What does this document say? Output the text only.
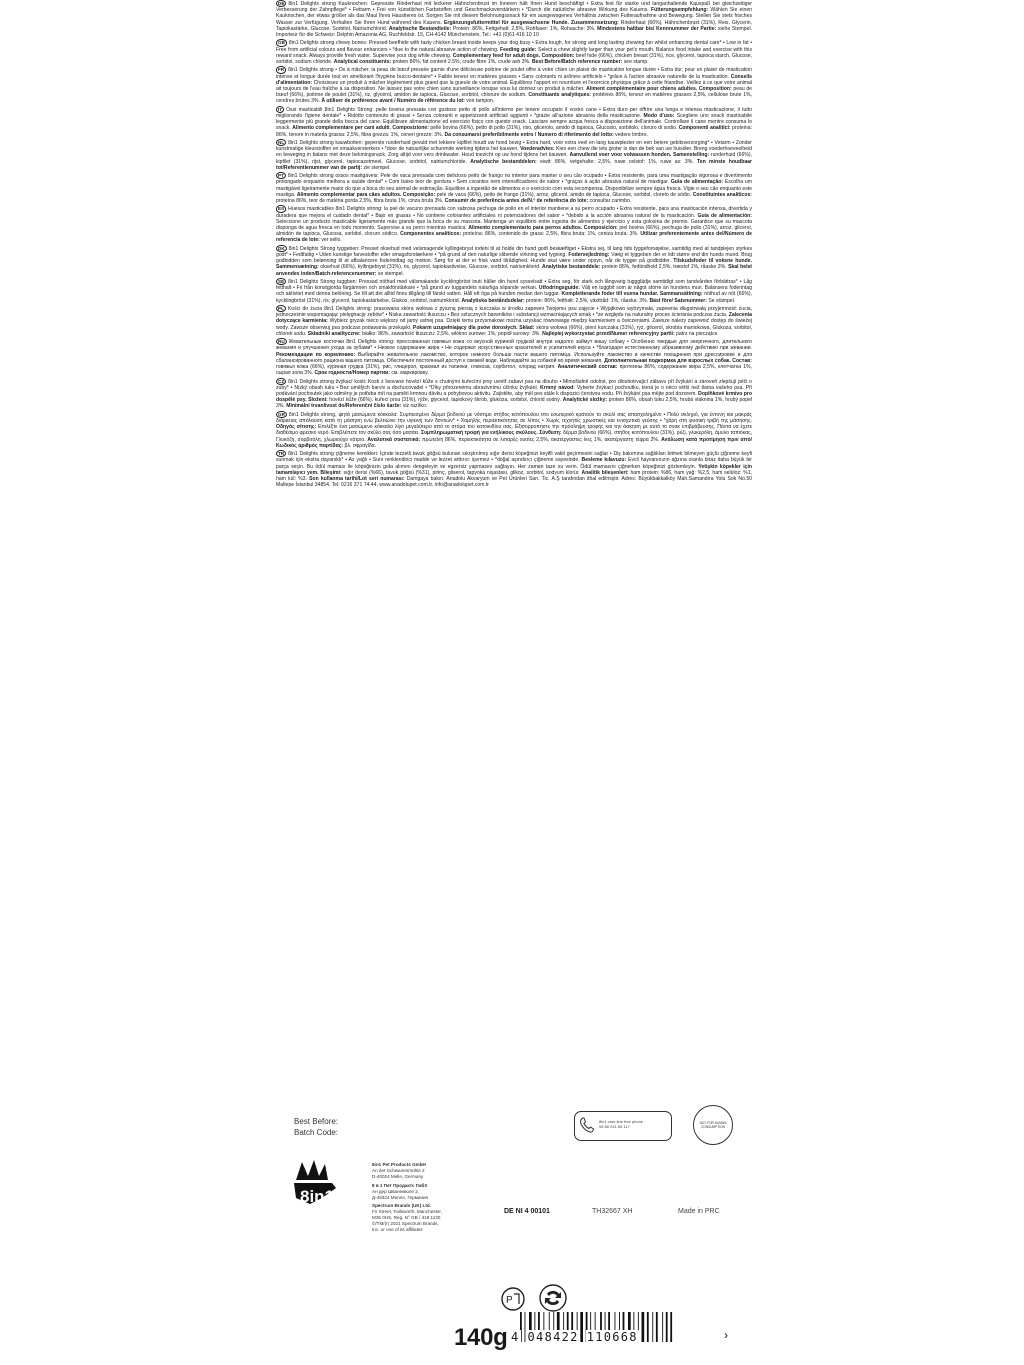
DE 8in1 Delights strong Kauknochen: Gepresste Rinderhaut mit leckerer Hähnchenbrust im Inneren hält Ihren Hund beschäftigt • Extra fest für starke und langanhaltende Kauspaß bei gleichzeitiger Verbesserung der Zahnpflege* • Fettarm • Frei von künstlichen Farbstoffen und Geschmacksverstärkern • *Durch die natürliche abrasive Wirkung des Kauens. Fütterungsempfehlung: Wählen Sie einen Kauknochen, der etwas größer als das Maul Ihres Haustieres ist. Sorgen Sie mit diesem Belohnungssnack für ein ausgewogenes Verhältnis zwischen Futteraufnahme und Bewegung. Stellen Sie stets frisches Wasser zur Verfügung. Verhalten Sie Ihren Hund während des Kauens. Ergänzungsfuttermittel für ausgewachsene Hunde. Zusammensetzung: Rinderhaut (66%), Hähnchenbrust (31%), Reis, Glycerin, Tapiokastärke, Glucose, Sorbitol, Natriumchlorid. Analytische Bestandteile: Protein: 86%, Fettgehalt: 2,5%, Rohfaser: 1%, Rohasche: 3%. Mindestens haltbar bis/ Kennnummer der Partie: siehe Stempel. Importeur für die Schweiz: Delphin Amazonia AG, Ruchfeldstr. 15, CH-4142 Münchenstein, Tel.: +41 (0)61 416 10 10

GB 8in1 Delights strong chewy bones: Pressed beefhide with tasty chicken breast inside keeps your dog busy • Extra tough, for strong and long lasting chewing fun whilst enhancing dental care* • Low in fat • Free from artificial colours and flavour enhancers • *due to the natural abrasive action of chewing. Feeding guide: Select a chew slightly larger than your pet's mouth. Balance food intake and exercise with this reward snack. Always provide fresh water. Supervise your dog while chewing. Complementary feed for adult dogs. Composition: beef hide (66%), chicken breast (31%), rice, glycerol, tapioca starch, Glucose, sorbitol, sodium chloride. Analytical constituents: protein 86%, fat content 2.5%, crude fibre 1%, crude ash 3%. Best Before/Batch reference number: see stamp.

FR 8in1 Delights strong • Os à mâcher: la peau de bœuf pressée garnie d'une délicieuse poitrine de poulet offre à votre chien un plaisir de mastication longue durée • Extra dur, pour un plaisir de mastication intense et longue durée tout en améliorant l'hygiène bucco-dentaire* • Faible teneur en matières grasses • Sans colorants ni arômes artificiels • *grâce à l'action abrasive naturelle de la mastication. Conseils d'alimentation: Choisissez un produit à mâcher légèrement plus grand que la gueule de votre animal. Équilibrez l'apport en nourriture et l'exercice physique grâce à cette friandise. Veillez à ce que votre animal ait toujours de l'eau fraîche à sa disposition. Ne laissez pas votre chien sans surveillance lorsque vous lui donnez un produit à mâcher. Aliment complémentaire pour chiens adultes. Composition: peau de bœuf (66%), poitrine de poulet (31%), riz, glycérol, amidon de tapioca, Glucose, sorbitol, chlorure de sodium. Constituants analytiques: protéines 86%, teneur en matières grasses 2,5%, cellulose brute 1%, cendres brutes 3%. À utiliser de préférence avant / Numéro de référence du lot: voir tampon.

IT Ossi masticabili 8in1 Delights Strong: pelle bovina pressata con gustoso petto di pollo all'interno per tenere occupato il vostro cane • Extra duro per offrire una lunga e intensa masticazione, il tutto migliorando l'igiene dentale* • Ridotto contenuto di grassi • Senza coloranti e appetizzanti artificiali aggiunti • *grazie all'azione abrasiva della masticazione. Modo d'uso: Scegliere uno snack masticabile leggermente più grande della bocca del cane. Equilibrare alimentazione ed esercizio fisico con questo snack. Lasciare sempre acqua fresca a disposizione dell'animale. Controllare il cane mentre consuma lo snack. Alimento complementare per cani adulti. Composizione: pelle bovina (66%), petto di pollo (31%), riso, glicerolo, amido di tapioca, Glucosio, sorbitolo, cloruro di sodio. Componenti analitici: proteina: 86%, tenore in materia grassa: 2,5%, fibra grezza: 1%, ceneri grezze: 3%. Da consumarsi preferibilmente entro / Numero di riferimento del lotto: vedere timbro.

NL 8in1 Delights strong kauwbotten: geperste runderhuid gevuld met lekkere kipfilet houdt uw hond bezig • Extra hard, voor extra veel en lang kauwplezier en een betere gebitsverzorging* • Vetarm • Zonder kunstmatige kleurstoffen en smaakversterkers • *door de natuurlijke schurende werking tijdens het kauwen. Voederadvies: Kies een chew die iets groter is dan de bek van uw huisdier. Breng voederhoeveelheid en beweging in balans met deze beloningsnack. Zorg altijd voor vers drinkwater. Houd toezicht op uw hond tijdens het kauwen. Aanvullend voer voor volwassen honden. Samenstelling: runderhuid (66%), kipfilet (31%), rijst, glycerol, tapiocazetmeel, Glucose, sorbitol, natriumchloride. Analytische bestanddelen: eiwit: 86%, vetgehalte: 2,5%, ruwe celstof: 1%, ruwe as: 3%. Ten minste houdbaar tot/Referentienummer van de partij: zie stempel.

PT 8in1 Delights strong ossos mastigáveis: Pele de vaca prensada com delicioso peito de frango no interior para manter o seu cão ocupado • Extra resistente, para uma mastigação vigorosa e divertimento prolongado enquanto melhora a saúde dental* • Com baixo teor de gordura • Sem corantes nem intensificadores de sabor • *graças à ação abrasiva natural de mastigar. Guia de alimentação: Escolha um mastigável ligeiramente maior do que a boca do seu animal de estimação. Equilibre a ingestão de alimentos e o exercício com esta recompensa. Disponibilize sempre água fresca. Vigie o seu cão enquanto este mastiga. Alimento complementar para cães adultos. Composição: pele de vaca (66%), peito de frango (31%), arroz, glicerol, amido de tapioca, Glucose, sorbitol, cloreto de sódio. Constituintes analíticos: proteína 86%, teor de matéria gorda 2,5%, fibra bruta 1%, cinza bruta 3%. Consumir de preferência antes de/N.º de referência do lote: consultar carimbo.

ES Huesos masticables 8in1 Delights strong: la piel de vacuno prensada con sabrosa pechuga de pollo en el interior mantiene a su perro ocupado • Extra resistente, para una masticación intensa, divertida y duradera que mejora el cuidado dental* • Bajo en grasas • No contiene colorantes artificiales ni potenciadores del sabor • *debido a la acción abrasiva natural de la masticación. Guía de alimentación: Seleccione un producto masticable ligeramente más grande que la boca de su mascota. Mantenga un equilibrio entre ingesta de alimentos y ejercicio y esta golosina de premio. Garantice que su mascota disponga de agua fresca en todo momento. Supervise a su perro mientras mastica. Alimento complementario para perros adultos. Composición: piel bovina (66%), pechuga de pollo (31%), arroz, glicerol, almidón de tapioca, Glucosa, sorbitol, cloruro sódico. Componentes analíticos: proteína: 86%, contenido de grasa: 2,5%, fibra bruta: 1%, ceniza bruta: 3%. Utilizar preferentemente antes del/Número de referencia de lote: ver sello.

DK 8in1 Delights Strong tyggeben: Presset oksehud med velsmagende kyllingebryst indeni til at holde din hund godt beskæftiget • Ekstra sej, til lang tids tyggefornøjelse, samtidig med at tandplejen styrkes godt* • Fedtfattig • Uden kunstige farvestoffer eller smagsforstærkere • *på grund af den naturlige slibende virkning ved tygning. Fodervejledning: Vælg et tyggeben der er lidt større end din hunds mund. Brug godbidden som belønning til at afbalancere foderindtag og motion. Sørg for at der er frisk vand tilrådighed. Hunde skal være under opsyn, når de tygger på godbidder. Tilskudsfoder til voksne hunde. Sammensætning: oksehud (66%), kyllingebryst (31%), ris, glycerol, tapiokastivelse, Glucose, sorbitol, natriumklorid. Analytiske bestanddele: protein 86%, fedtindhold 2,5%, træstof 1%, råaske 3%. Skal helst anvendes inden/Batch-referencenummer: se stempel.

SE 8in1 Delights Strong tuggben: Pressad nöthud med välsmakande kycklingbröst inuti håller din hund sysselsatt • Extra seg, för stark och långvarig tuggglädje samtidigt som tandvården förbättras* • Låg fetthalt • Fri från konstgjorda färgämnen och smakförstärkare • *på grund av tuggandets naturliga slipande verkan. Utfodringsguide: Välj en tuggbit som är något större än hundens mun. Balansera foderintag och aktivitet med denna belöning. Se till att det alltid finns tillgång till färskt vatten. Håll ett öga på hunden medan den tuggar. Kompletterande foder till vuxna hundar. Sammansättning: nöthud av nöt (66%), kycklingbröst (31%), ris, glycerol, tapiokastärkelse, Glukos, sorbitol, natriumklorid. Analytiska beståndsdelar: protein: 86%, fetthalt: 2,5%, växttråd: 1%, råaska: 3%. Bäst före/ Satsnummer: Se stämpel.

PL Kości do żucia 8in1 Delights strong: prasowana skóra wołowa z pyszną piersią z kurczaka w środku zapewni Twojemu psu zajęcie • Wyjątkowo wytrzymała, zapewnia długotrwałą przyjemność żucia, jednocześnie wspomagając pielęgnację zębów* • Niska zawartość tłuszczu • Bez sztucznych barwników i substancji wzmacniających smak • *ze względu na naturalny proces ścierania podczas żucia. Zalecenia dotyczące karmienia: Wybierz gryzak nieco większy od jamy ustnej psa. Dzięki temu przysmakowi można uzyskać równowagę między karmieniem a ćwiczeniami. Zawsze należy zapewnić dostęp do świeżej wody. Zawsze obserwuj psa podczas podawania przekąski. Pokarm uzupełniający dla psów dorosłych. Skład: skóra wołowa (66%), pierś kurczaka (31%), ryż, glicerol, skrobia maniokowa, Glukoza, sorbitol, chlorek sodu. Składniki analityczne: białko: 86%, zawartość tłuszczu: 2,5%, włókno surowe: 1%, popiół surowy: 3%. Najlepiej wykorzystać przed/Numer referencyjny partii: patrz na pieczątce.

RU Жевательные косточки 8in1 Delights strong: прессованная говяжья кожа со вкусной куриной грудкой внутри надолго займут вашу собаку • Особенно твердые для энергичного, длительного жевания и улучшения ухода за зубами* • Низкое содержание жира • Не содержат искусственных красителей и усилителей вкуса • *благодаря естественному абразивному действию при жевании. Рекомендации по кормлению: Выбирайте жевательное лакомство, которое немного больше пасти вашего питомца. Используйте лакомство в качестве поощрения при дрессировке и для сбалансированного рациона вашего питомца. Обеспечьте постоянный доступ к свежей воде. Наблюдайте за собакой во время жевания. Дополнительная подкормка для взрослых собак. Состав: говяжья кожа (66%), куриная грудка (31%), рис, глицерол, крахмал из тапиоки, глюкоза, сорбитол, хлорид натрия. Аналитический состав: протеины 86%, содержание жира 2,5%, клетчатка 1%, сырая зола 3%. Срок годности/Номер партии: см. маркировку.

CZ 8in1 Delights strong žvýkací kosti: Kosti z lisované hovězí kůže s chutnými kuřecími prsy uvnitř zabaví psa na dlouho • Mimořádně odolné, pro dlouhotrvající zábavu při žvýkání a zároveň zlepšují péči o zuby* • Nízký obsah tuku • Bez umělých barviv a dochucovadel • *Díky přirozenému abrazivnímu účinku žvýkání. Krmný návod: Vyberte žvýkací pochoutku, která je o něco větší než tlama vašeho psa. Při podávání pochoutek jako odměny je potřeba mít na paměti krmnou dávku a pohybovou aktivitu. Zajistěte, aby měl pes stále k dispozici čerstvou vodu. Při žvýkání psa mějte pod dozorem. Doplňkové krmivo pro dospělé psy. Složení: hovězí kůže (66%), kuřecí prsa (31%), rýže, glycerol, tapiokový škrob, glukóza, sorbitol, chlorid sodný. Analytické složky: protein 86%, obsah tuku 2,5%, hrubá vláknina 1%, hrubý popel 3%. Minimální trvanlivost do/Referenční číslo šarže: viz razítko.

GR 8in1 Delights strong, ψητά μασώμενα κόκκαλα: Συμπιεσμένο δέρμα βοδινού με νόστιμο στήθος κοτόπουλου στο εσωτερικό κρατούν το σκυλί σας απασχολημένο • Πολύ σκληρό, για έντονη και μακράς διάρκειας απόλαυση κατά τη μάσηση ενώ βελτιώνει την υγιεινή των δοντιών* • Χαμηλής περιεκτικότητας σε λίπος • Χωρίς τεχνητές χρωστικές και ενισχυτικά γεύσης • *χάρη στη φυσική τριβή της μάσησης. Οδηγός σίτισης: Επιλέξτε ένα μασώμενο κόκκαλο λίγο μεγαλύτερο από το στόμα του κατοικιδίου σας. Εξισορροπήστε την πρόσληψη τροφής και την άσκηση με αυτό το σνακ επιβράβευσης. Πάντα να έχετε διαθέσιμο φρέσκο νερό. Επιβλέπετε τον σκύλο σας όσο μασάει. Συμπληρωματική τροφή για ενήλικους σκύλους. Σύνθεση: δέρμα βοδινού (66%), στήθος κοτόπουλου (31%), ρύζι, γλυκερόλη, άμυλο ταπιόκας, Γλυκόζη, σορβιτόλη, χλωριούχο νάτριο. Αναλυτικά συστατικά: πρωτεΐνη 86%, περιεκτικότητα σε λιπαρές ουσίες 2,5%, ακατέργαστες ίνες 1%, ακατέργαστη τέφρα 3%. Ανάλωση κατά προτίμηση πριν από/Κωδικός αριθμός παρτίδας: βλ. σφραγίδα.

TR 8in1 Delights strong çiğneme kemikleri: İçinde lezzetli tavuk göğsü bulunan sıkıştırılmış sığır derisi köpeğinizi keyifli vakit geçirmesini sağlar • Diş bakımına sağlıkları bitmek bilmeyen güçlü çiğneme keyfi sunmak için ekstra dayanıklı* • Az yağlı • Suni renklendirici madde ve lezzet arttırıcı içermez • *doğal aşındırıcı çiğneme sayesinde. Besleme kılavuzu: Evcil hayvanınızın ağzına oranla biraz daha büyük bir parça seçin. Bu ödül maması ile köpeğinizin gıda alımını dengeleyin ve egzersiz yapmasını sağlayın. Her zaman taze su verin. Ödül mamasını çiğnerken köpeğinizi gözlemleyin. Yetişkin köpekler için tamamlayıcı yem. Bileşimi: sığır derisi (%66), tavuk göğsü (%31), pirinç, gliserol, tapyoka nişastası, glikoz, sorbitol, sodyum klorür. Analitik bileşenleri: ham protein: %86, ham yağ: %2,5, ham selüloz: %1, ham kül: %3. Son kullanma tarihi/Lot seri numarası: Damgaya bakın. Anadolu Akvaryum ve Pet Ürünleri San. Tic. A.Ş tarafından ithal edilmiştir. Adres: Büyükbakkalköy Mah.Samandıra Yolu Sok No.50 Maltepe İstanbul 34854, Tel: 0216 371 74 44, www.anadolupet.com.tr, info@anadolupet.com.tr

Best Before:
Batch Code:
8in1 care line free phone
06 88 241 65 117
NOT FOR HUMAN CONSUMPTION
8in1

8in1 Pet Products GmbH
An der Schwanenmühle 2
D-40024 Melle, Germany

8 в 1 Пет Продактс ГмбХ
Ан дер Шванемюле 2,
Д-49324 Мелле, Германия

Spectrum Brands (UK) Ltd.
Fir Street, Failsworth, Manchester,
M35 0HS, Reg. N° GB / 418 1130
©/TM/(r) 2021 Spectrum Brands,
Inc. or one of its affiliates

DE NI 4 00101	TH32667 XH	Made in PRC
P
140g 4 048422 110668	›
